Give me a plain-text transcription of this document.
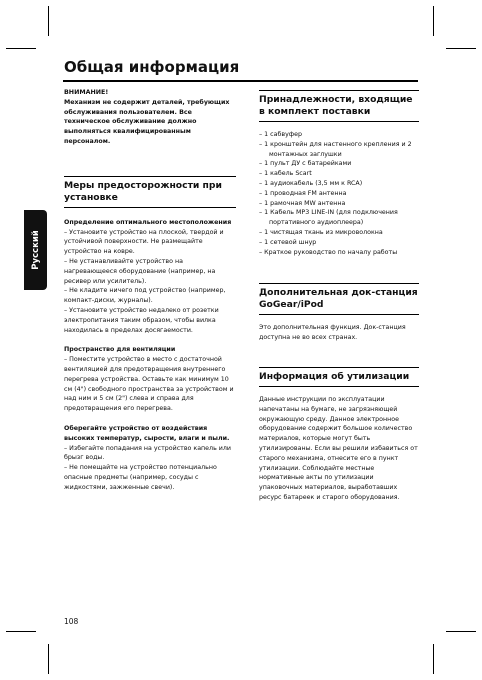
Общая информация
Русский

ВНИМАНИЕ!

Механизм не содержит деталей, требующих обслуживания пользователем. Все техническое обслуживание должно выполняться квалифицированным персоналом.

Меры предосторожности при установке

Определение оптимального местоположения

– Установите устройство на плоской, твердой и устойчивой поверхности. Не размещайте устройство на ковре.

– Не устанавливайте устройство на нагревающееся оборудование (например, на ресивер или усилитель).

– Не кладите ничего под устройство (например, компакт-диски, журналы).

– Установите устройство недалеко от розетки электропитания таким образом, чтобы вилка находилась в пределах досягаемости.

Пространство для вентиляции

– Поместите устройство в место с достаточной вентиляцией для предотвращения внутреннего перегрева устройства. Оставьте как минимум 10 см (4") свободного пространства за устройством и над ним и 5 см (2") слева и справа для предотвращения его перегрева.

Оберегайте устройство от воздействия высоких температур, сырости, влаги и пыли.

– Избегайте попадания на устройство капель или брызг воды.

– Не помещайте на устройство потенциально опасные предметы (например, сосуды с жидкостями, зажженные свечи).

Принадлежности, входящие в комплект поставки
– 1 сабвуфер
– 1 кронштейн для настенного крепления и 2 монтажных заглушки
– 1 пульт ДУ с батарейками
– 1 кабель Scart
– 1 аудиокабель (3,5 мм к RCA)
– 1 проводная FM антенна
– 1 рамочная MW антенна
– 1 Кабель MP3 LINE-IN (для подключения портативного аудиоплеера)
– 1 чистящая ткань из микроволокна
– 1 сетевой шнур
– Краткое руководство по началу работы
Дополнительная док-станция GoGear/iPod

Это дополнительная функция. Док-станция доступна не во всех странах.

Информация об утилизации

Данные инструкции по эксплуатации напечатаны на бумаге, не загрязняющей окружающую среду. Данное электронное оборудование содержит большое количество материалов, которые могут быть утилизированы. Если вы решили избавиться от старого механизма, отнесите его в пункт утилизации. Соблюдайте местные нормативные акты по утилизации упаковочных материалов, выработавших ресурс батареек и старого оборудования.

108
